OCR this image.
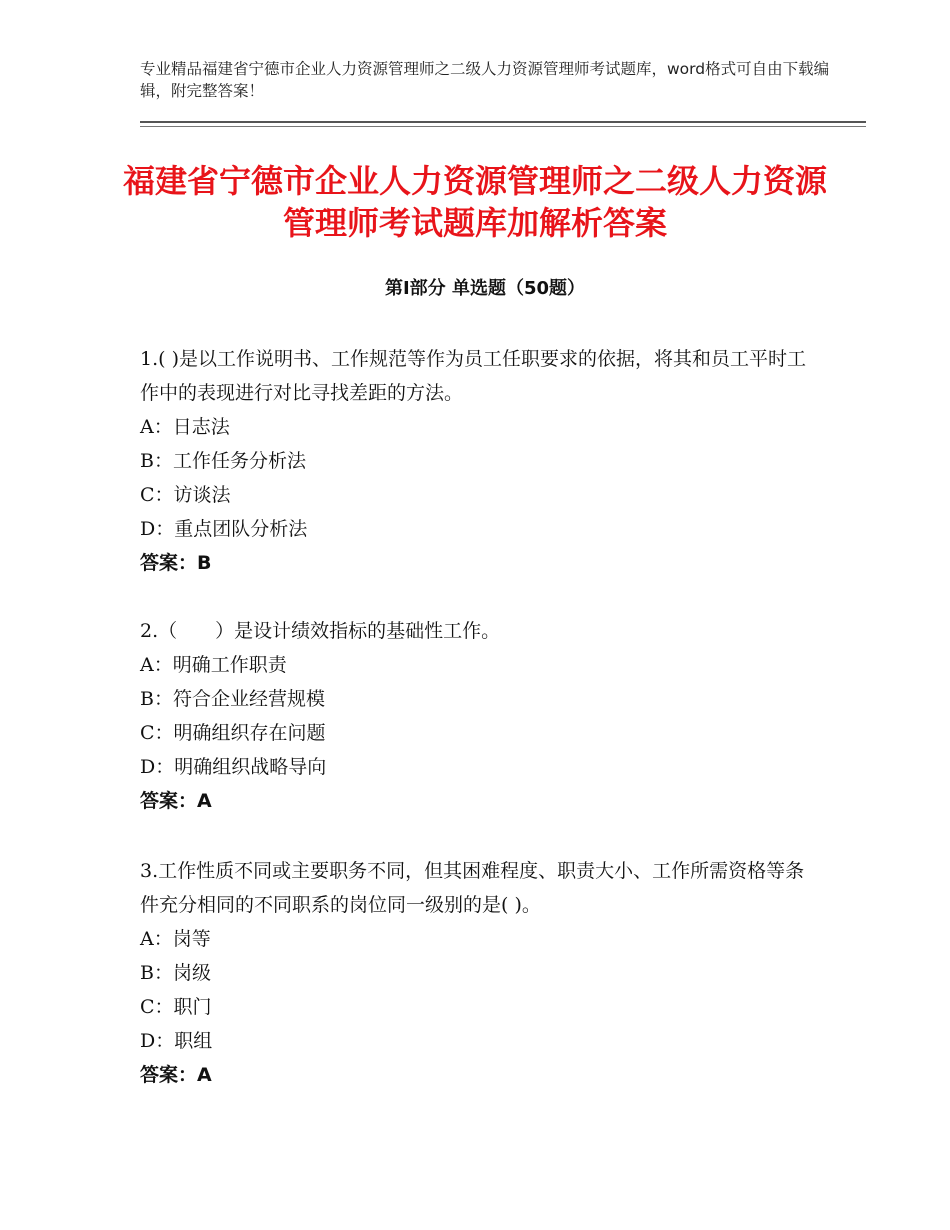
专业精品福建省宁德市企业人力资源管理师之二级人力资源管理师考试题库，word格式可自由下载编辑，附完整答案！
福建省宁德市企业人力资源管理师之二级人力资源管理师考试题库加解析答案
第Ⅰ部分 单选题（50题）
1.( )是以工作说明书、工作规范等作为员工任职要求的依据，将其和员工平时工作中的表现进行对比寻找差距的方法。
A：日志法
B：工作任务分析法
C：访谈法
D：重点团队分析法
答案：B
2.（　　）是设计绩效指标的基础性工作。
A：明确工作职责
B：符合企业经营规模
C：明确组织存在问题
D：明确组织战略导向
答案：A
3.工作性质不同或主要职务不同，但其困难程度、职责大小、工作所需资格等条件充分相同的不同职系的岗位同一级别的是( )。
A：岗等
B：岗级
C：职门
D：职组
答案：A
